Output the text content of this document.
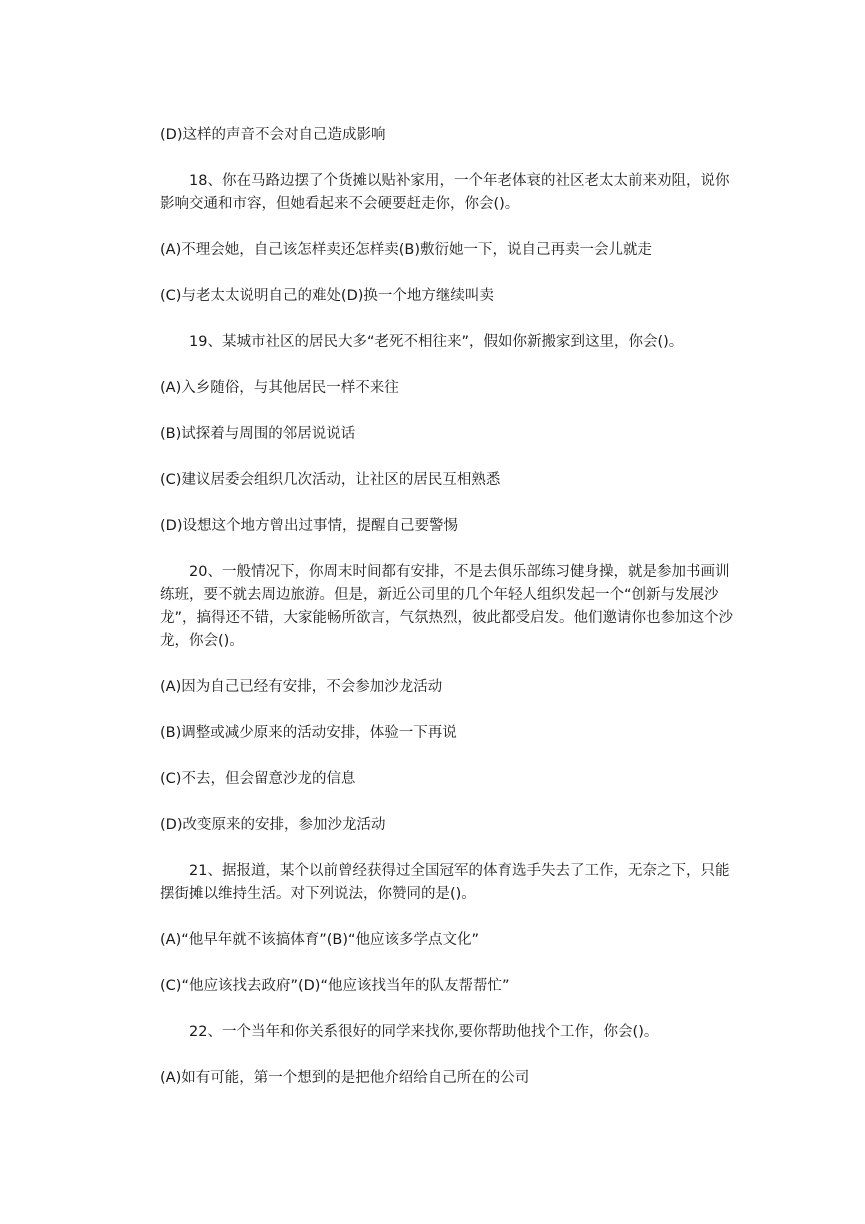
(D)这样的声音不会对自己造成影响

18、你在马路边摆了个货摊以贴补家用，一个年老体衰的社区老太太前来劝阻，说你影响交通和市容，但她看起来不会硬要赶走你，你会()。

(A)不理会她，自己该怎样卖还怎样卖(B)敷衍她一下，说自己再卖一会儿就走

(C)与老太太说明自己的难处(D)换一个地方继续叫卖

19、某城市社区的居民大多“老死不相往来”，假如你新搬家到这里，你会()。

(A)入乡随俗，与其他居民一样不来往

(B)试探着与周围的邻居说说话

(C)建议居委会组织几次活动，让社区的居民互相熟悉

(D)设想这个地方曾出过事情，提醒自己要警惕

20、一般情况下，你周末时间都有安排，不是去俱乐部练习健身操，就是参加书画训练班，要不就去周边旅游。但是，新近公司里的几个年轻人组织发起一个“创新与发展沙龙”，搞得还不错，大家能畅所欲言，气氛热烈，彼此都受启发。他们邀请你也参加这个沙龙，你会()。

(A)因为自己已经有安排，不会参加沙龙活动

(B)调整或减少原来的活动安排，体验一下再说

(C)不去，但会留意沙龙的信息

(D)改变原来的安排，参加沙龙活动

21、据报道，某个以前曾经获得过全国冠军的体育选手失去了工作，无奈之下，只能摆街摊以维持生活。对下列说法，你赞同的是()。

(A)“他早年就不该搞体育”(B)“他应该多学点文化”

(C)“他应该找去政府”(D)“他应该找当年的队友帮帮忙”

22、一个当年和你关系很好的同学来找你,要你帮助他找个工作，你会()。

(A)如有可能，第一个想到的是把他介绍给自己所在的公司
